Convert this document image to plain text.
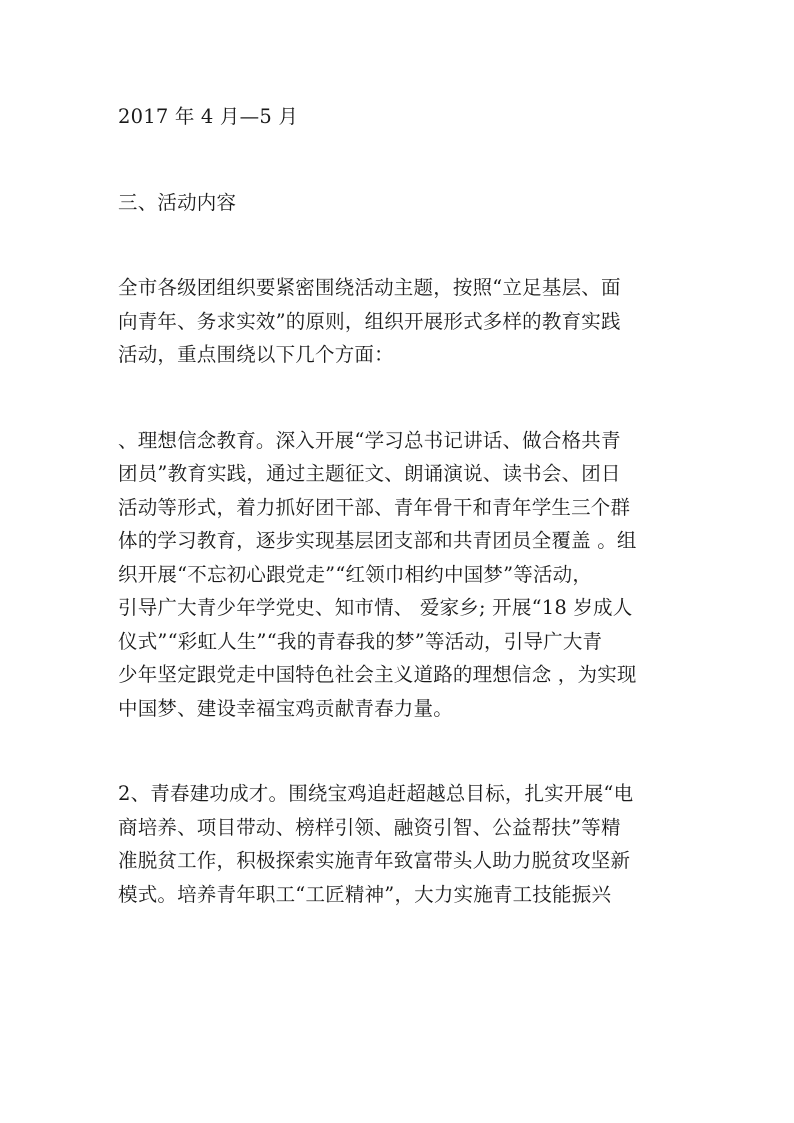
2017 年 4 月—5 月

三、活动内容

全市各级团组织要紧密围绕活动主题，按照“立足基层、面
向青年、务求实效”的原则，组织开展形式多样的教育实践
活动，重点围绕以下几个方面：

、理想信念教育。深入开展“学习总书记讲话、做合格共青
团员”教育实践，通过主题征文、朗诵演说、读书会、团日
活动等形式，着力抓好团干部、青年骨干和青年学生三个群
体的学习教育，逐步实现基层团支部和共青团员全覆盖 。组
织开展“不忘初心跟党走”“红领巾相约中国梦”等活动，
引导广大青少年学党史、知市情、 爱家乡; 开展“18 岁成人
仪式”“彩虹人生”“我的青春我的梦”等活动，引导广大青
少年坚定跟党走中国特色社会主义道路的理想信念 ，为实现
中国梦、建设幸福宝鸡贡献青春力量。

2、青春建功成才。围绕宝鸡追赶超越总目标，扎实开展“电
商培养、项目带动、榜样引领、融资引智、公益帮扶”等精
准脱贫工作，积极探索实施青年致富带头人助力脱贫攻坚新
模式。培养青年职工“工匠精神”，大力实施青工技能振兴
